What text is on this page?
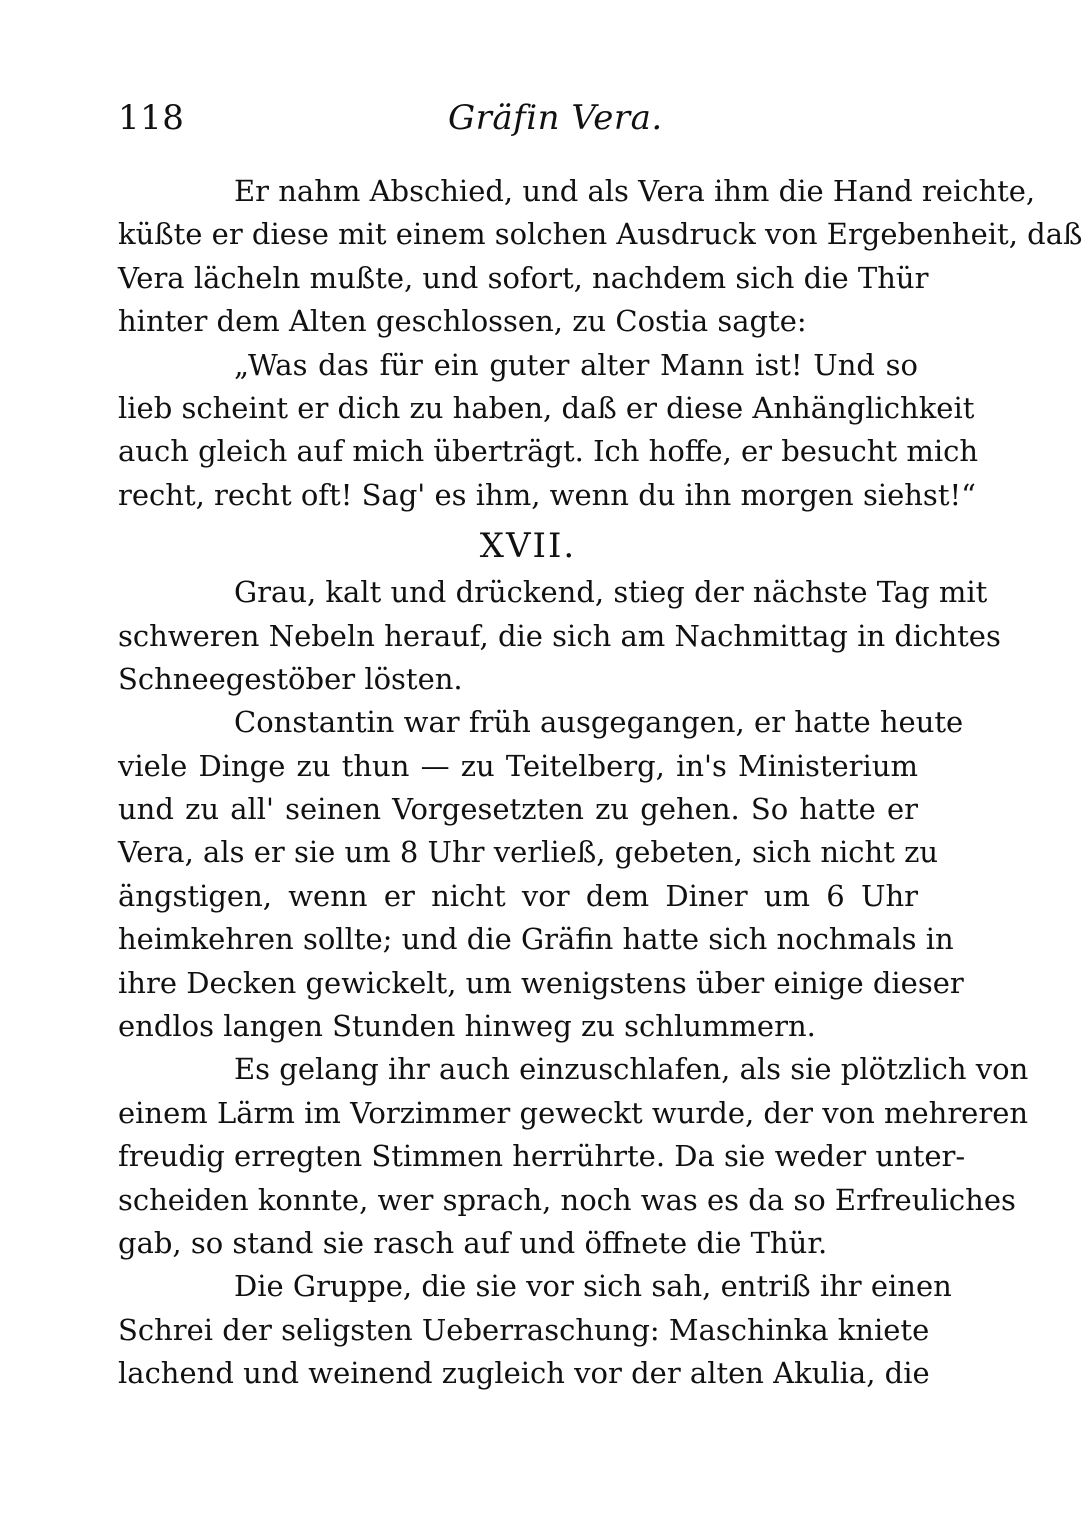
118	Gräfin Vera.
Er nahm Abschied, und als Vera ihm die Hand reichte,
küßte er diese mit einem solchen Ausdruck von Ergebenheit, daß
Vera lächeln mußte, und sofort, nachdem sich die Thür
hinter dem Alten geschlossen, zu Costia sagte:
„Was das für ein guter alter Mann ist! Und so
lieb scheint er dich zu haben, daß er diese Anhänglichkeit
auch gleich auf mich überträgt. Ich hoffe, er besucht mich
recht, recht oft! Sag' es ihm, wenn du ihn morgen siehst!“
XVII.
Grau, kalt und drückend, stieg der nächste Tag mit
schweren Nebeln herauf, die sich am Nachmittag in dichtes
Schneegestöber lösten.
Constantin war früh ausgegangen, er hatte heute
viele Dinge zu thun — zu Teitelberg, in's Ministerium
und zu all' seinen Vorgesetzten zu gehen. So hatte er
Vera, als er sie um 8 Uhr verließ, gebeten, sich nicht zu
ängstigen, wenn er nicht vor dem Diner um 6 Uhr
heimkehren sollte; und die Gräfin hatte sich nochmals in
ihre Decken gewickelt, um wenigstens über einige dieser
endlos langen Stunden hinweg zu schlummern.
Es gelang ihr auch einzuschlafen, als sie plötzlich von
einem Lärm im Vorzimmer geweckt wurde, der von mehreren
freudig erregten Stimmen herrührte. Da sie weder unter-
scheiden konnte, wer sprach, noch was es da so Erfreuliches
gab, so stand sie rasch auf und öffnete die Thür.
Die Gruppe, die sie vor sich sah, entriß ihr einen
Schrei der seligsten Ueberraschung: Maschinka kniete
lachend und weinend zugleich vor der alten Akulia, die
